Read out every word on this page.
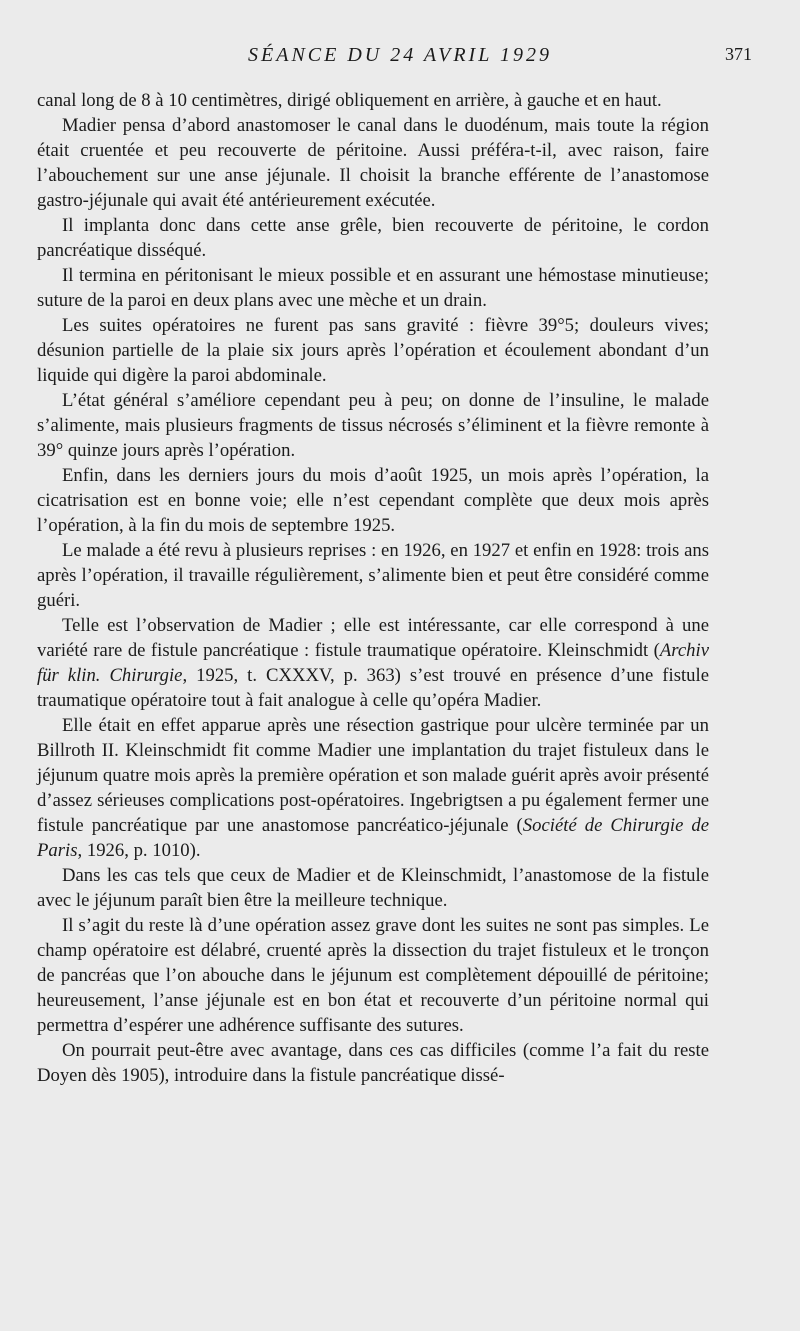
SÉANCE DU 24 AVRIL 1929	371

canal long de 8 à 10 centimètres, dirigé obliquement en arrière, à gauche et en haut.

Madier pensa d’abord anastomoser le canal dans le duodénum, mais toute la région était cruentée et peu recouverte de péritoine. Aussi préféra-t-il, avec raison, faire l’abouchement sur une anse jéjunale. Il choisit la branche efférente de l’anastomose gastro-jéjunale qui avait été antérieurement exécutée.

Il implanta donc dans cette anse grêle, bien recouverte de péritoine, le cordon pancréatique disséqué.

Il termina en péritonisant le mieux possible et en assurant une hémostase minutieuse; suture de la paroi en deux plans avec une mèche et un drain.

Les suites opératoires ne furent pas sans gravité : fièvre 39°5; douleurs vives; désunion partielle de la plaie six jours après l’opération et écoulement abondant d’un liquide qui digère la paroi abdominale.

L’état général s’améliore cependant peu à peu; on donne de l’insuline, le malade s’alimente, mais plusieurs fragments de tissus nécrosés s’éliminent et la fièvre remonte à 39° quinze jours après l’opération.

Enfin, dans les derniers jours du mois d’août 1925, un mois après l’opération, la cicatrisation est en bonne voie; elle n’est cependant complète que deux mois après l’opération, à la fin du mois de septembre 1925.

Le malade a été revu à plusieurs reprises : en 1926, en 1927 et enfin en 1928: trois ans après l’opération, il travaille régulièrement, s’alimente bien et peut être considéré comme guéri.

Telle est l’observation de Madier ; elle est intéressante, car elle correspond à une variété rare de fistule pancréatique : fistule traumatique opératoire. Kleinschmidt (Archiv für klin. Chirurgie, 1925, t. CXXXV, p. 363) s’est trouvé en présence d’une fistule traumatique opératoire tout à fait analogue à celle qu’opéra Madier.

Elle était en effet apparue après une résection gastrique pour ulcère terminée par un Billroth II. Kleinschmidt fit comme Madier une implantation du trajet fistuleux dans le jéjunum quatre mois après la première opération et son malade guérit après avoir présenté d’assez sérieuses complications post-opératoires. Ingebrigtsen a pu également fermer une fistule pancréatique par une anastomose pancréatico-jéjunale (Société de Chirurgie de Paris, 1926, p. 1010).

Dans les cas tels que ceux de Madier et de Kleinschmidt, l’anastomose de la fistule avec le jéjunum paraît bien être la meilleure technique.

Il s’agit du reste là d’une opération assez grave dont les suites ne sont pas simples. Le champ opératoire est délabré, cruenté après la dissection du trajet fistuleux et le tronçon de pancréas que l’on abouche dans le jéjunum est complètement dépouillé de péritoine; heureusement, l’anse jéjunale est en bon état et recouverte d’un péritoine normal qui permettra d’espérer une adhérence suffisante des sutures.

On pourrait peut-être avec avantage, dans ces cas difficiles (comme l’a fait du reste Doyen dès 1905), introduire dans la fistule pancréatique dissé-
